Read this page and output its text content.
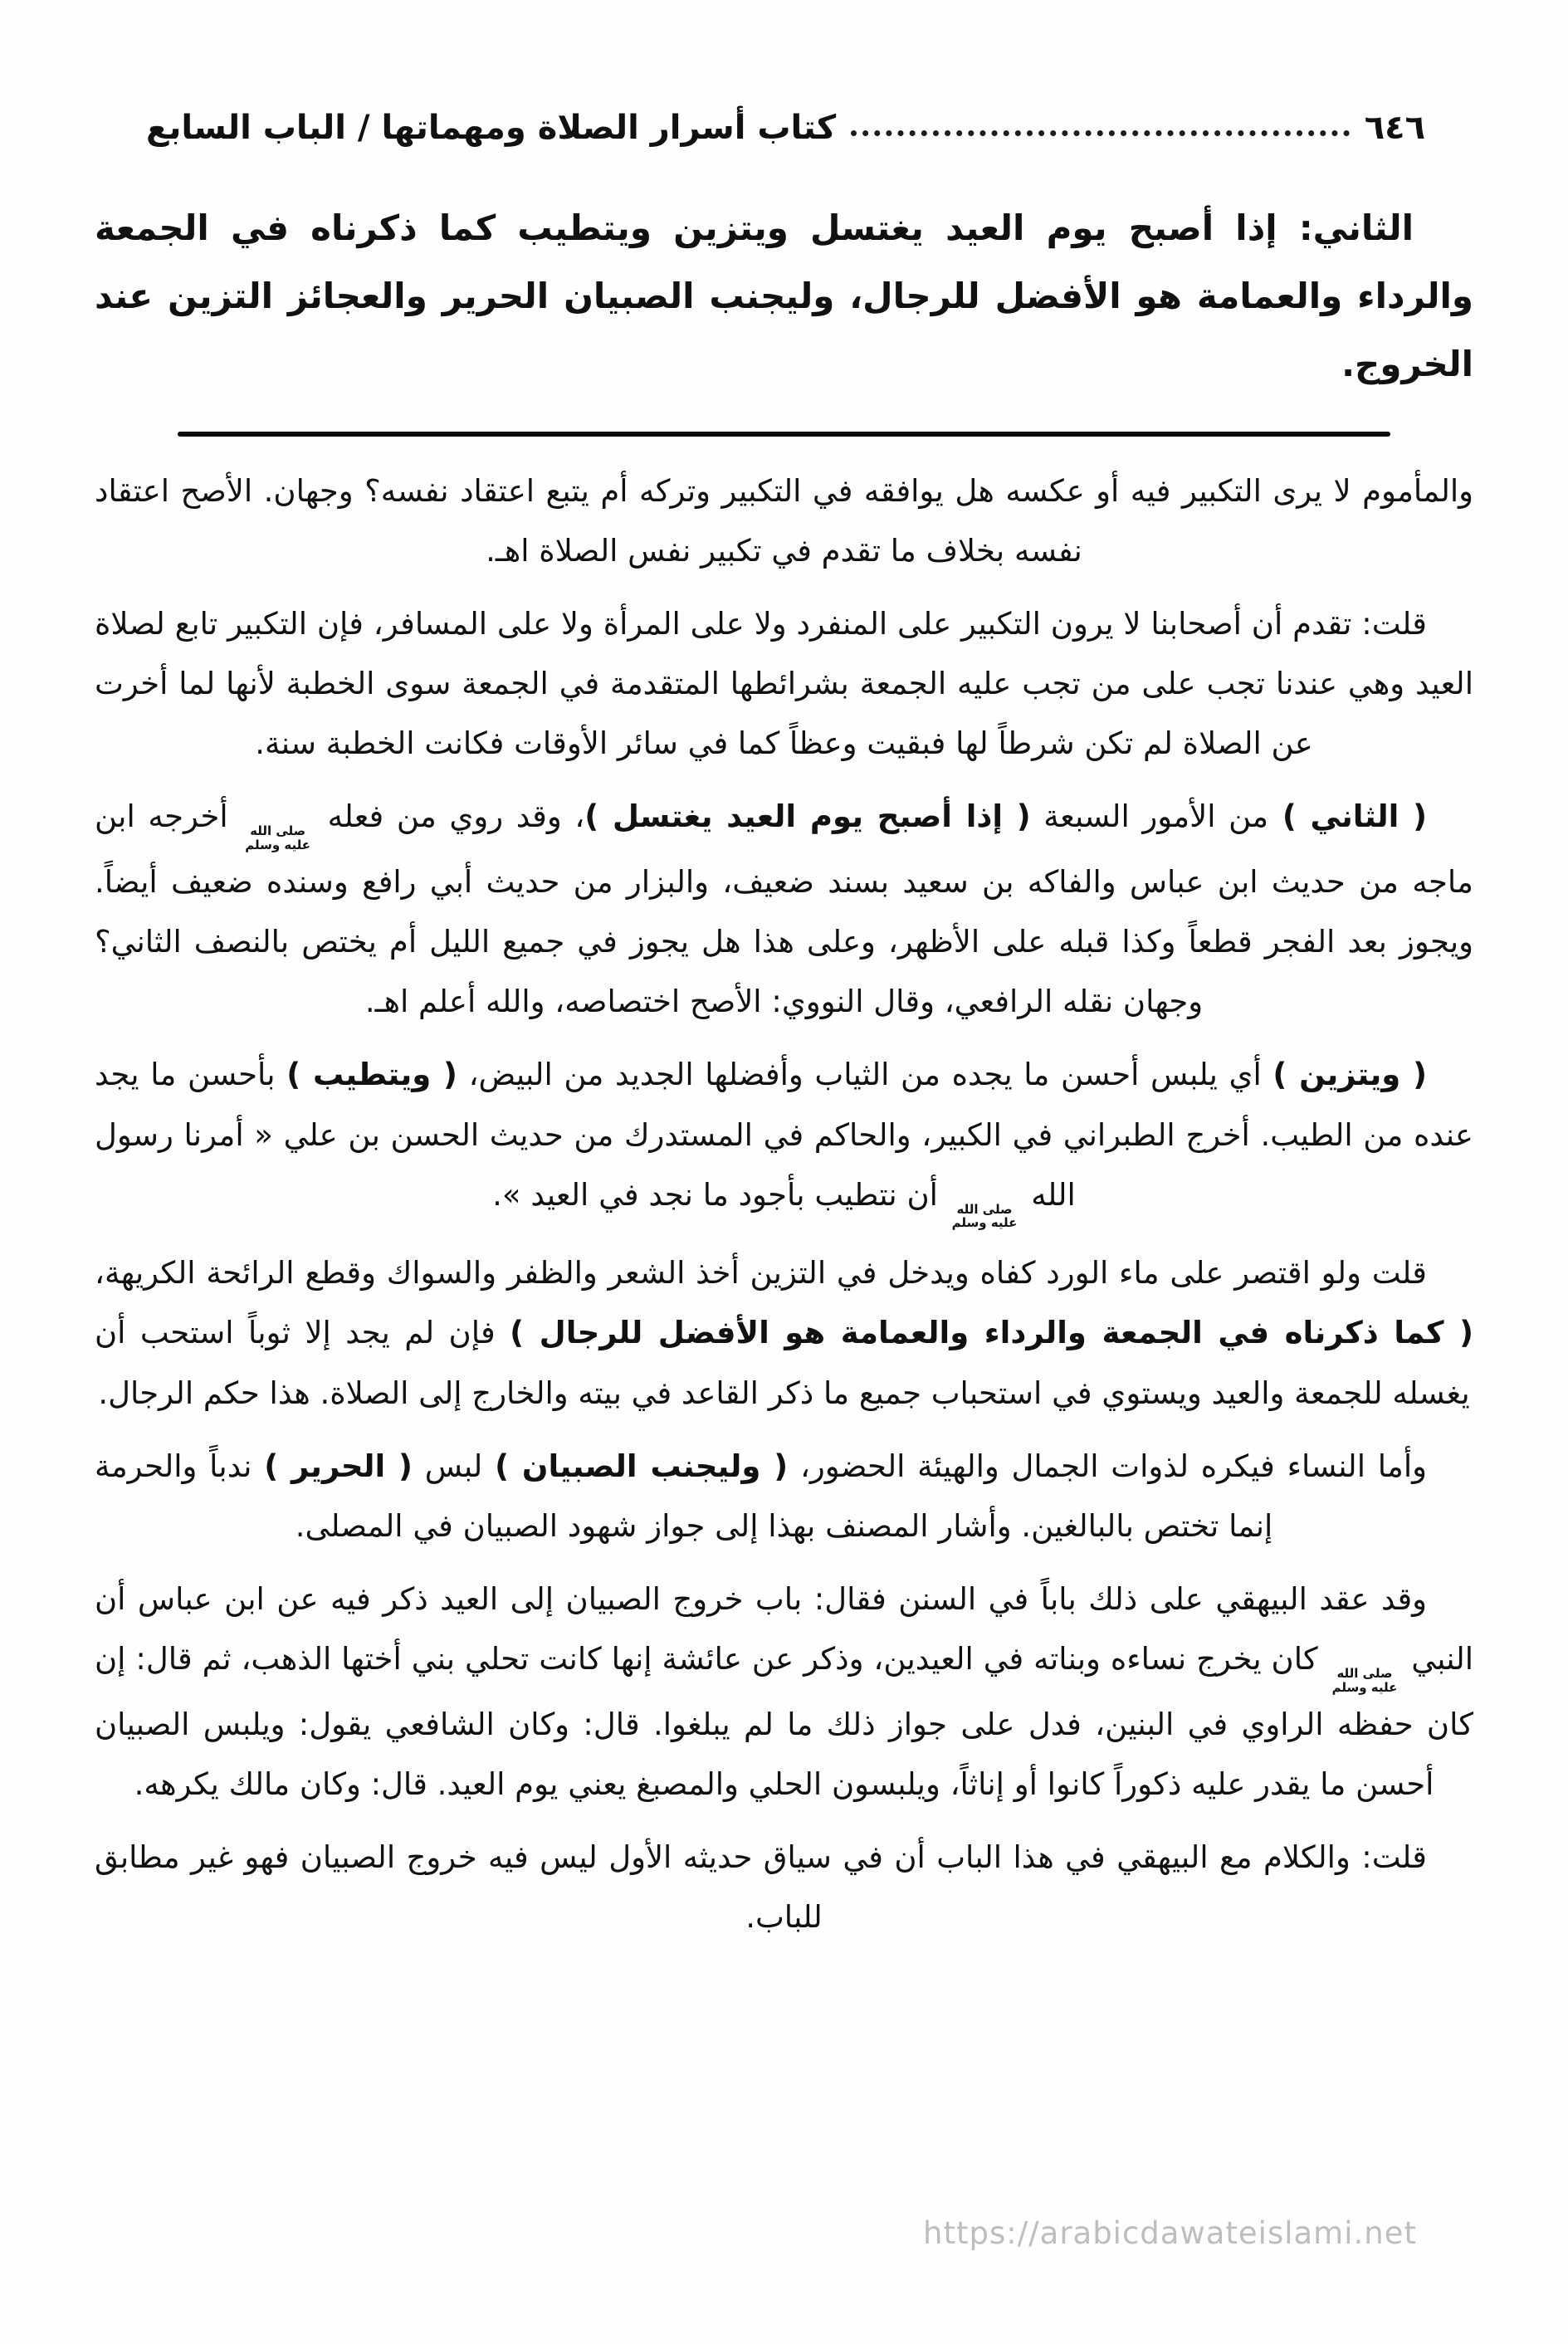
٦٤٦
كتاب أسرار الصلاة ومهماتها / الباب السابع

الثاني: إذا أصبح يوم العيد يغتسل ويتزين ويتطيب كما ذكرناه في الجمعة والرداء والعمامة هو الأفضل للرجال، وليجنب الصبيان الحرير والعجائز التزين عند الخروج.

والمأموم لا يرى التكبير فيه أو عكسه هل يوافقه في التكبير وتركه أم يتبع اعتقاد نفسه؟ وجهان. الأصح اعتقاد نفسه بخلاف ما تقدم في تكبير نفس الصلاة اهـ.

قلت: تقدم أن أصحابنا لا يرون التكبير على المنفرد ولا على المرأة ولا على المسافر، فإن التكبير تابع لصلاة العيد وهي عندنا تجب على من تجب عليه الجمعة بشرائطها المتقدمة في الجمعة سوى الخطبة لأنها لما أخرت عن الصلاة لم تكن شرطاً لها فبقيت وعظاً كما في سائر الأوقات فكانت الخطبة سنة.

( الثاني ) من الأمور السبعة ( إذا أصبح يوم العيد يغتسل )، وقد روي من فعله
صلى الله
عليه وسلم
أخرجه ابن ماجه من حديث ابن عباس والفاكه بن سعيد بسند ضعيف، والبزار من حديث أبي رافع وسنده ضعيف أيضاً. ويجوز بعد الفجر قطعاً وكذا قبله على الأظهر، وعلى هذا هل يجوز في جميع الليل أم يختص بالنصف الثاني؟ وجهان نقله الرافعي، وقال النووي: الأصح اختصاصه، والله أعلم اهـ.

( ويتزين ) أي يلبس أحسن ما يجده من الثياب وأفضلها الجديد من البيض، ( ويتطيب ) بأحسن ما يجد عنده من الطيب. أخرج الطبراني في الكبير، والحاكم في المستدرك من حديث الحسن بن علي « أمرنا رسول الله
صلى الله
عليه وسلم
أن نتطيب بأجود ما نجد في العيد ».

قلت ولو اقتصر على ماء الورد كفاه ويدخل في التزين أخذ الشعر والظفر والسواك وقطع الرائحة الكريهة، ( كما ذكرناه في الجمعة والرداء والعمامة هو الأفضل للرجال ) فإن لم يجد إلا ثوباً استحب أن يغسله للجمعة والعيد ويستوي في استحباب جميع ما ذكر القاعد في بيته والخارج إلى الصلاة. هذا حكم الرجال.

وأما النساء فيكره لذوات الجمال والهيئة الحضور، ( وليجنب الصبيان ) لبس ( الحرير ) ندباً والحرمة إنما تختص بالبالغين. وأشار المصنف بهذا إلى جواز شهود الصبيان في المصلى.

وقد عقد البيهقي على ذلك باباً في السنن فقال: باب خروج الصبيان إلى العيد ذكر فيه عن ابن عباس أن النبي
صلى الله
عليه وسلم
كان يخرج نساءه وبناته في العيدين، وذكر عن عائشة إنها كانت تحلي بني أختها الذهب، ثم قال: إن كان حفظه الراوي في البنين، فدل على جواز ذلك ما لم يبلغوا. قال: وكان الشافعي يقول: ويلبس الصبيان أحسن ما يقدر عليه ذكوراً كانوا أو إناثاً، ويلبسون الحلي والمصبغ يعني يوم العيد. قال: وكان مالك يكرهه.

قلت: والكلام مع البيهقي في هذا الباب أن في سياق حديثه الأول ليس فيه خروج الصبيان فهو غير مطابق للباب.

https://arabicdawateislami.net
